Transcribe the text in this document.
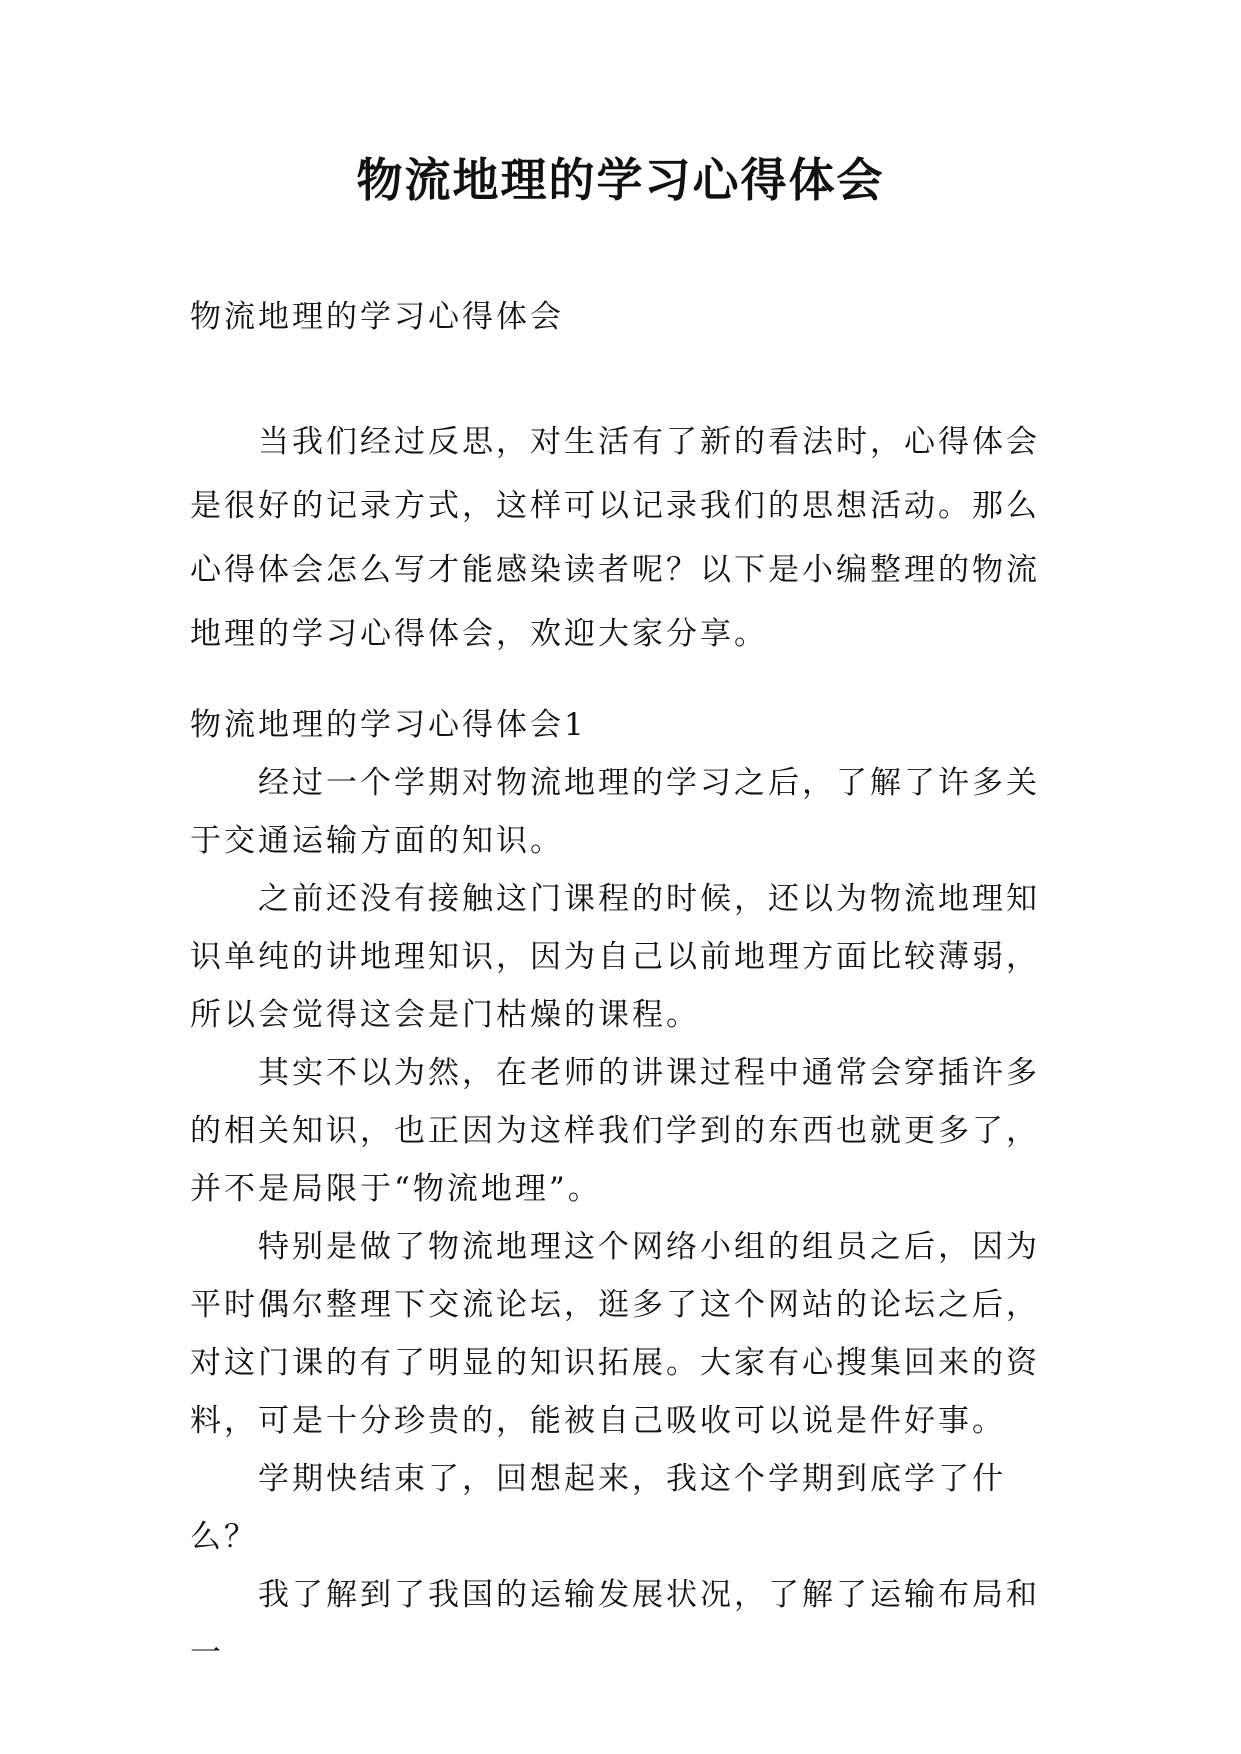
物流地理的学习心得体会

物流地理的学习心得体会

当我们经过反思，对生活有了新的看法时，心得体会是很好的记录方式，这样可以记录我们的思想活动。那么心得体会怎么写才能感染读者呢？以下是小编整理的物流地理的学习心得体会，欢迎大家分享。

物流地理的学习心得体会1

经过一个学期对物流地理的学习之后，了解了许多关于交通运输方面的知识。

之前还没有接触这门课程的时候，还以为物流地理知识单纯的讲地理知识，因为自己以前地理方面比较薄弱，所以会觉得这会是门枯燥的课程。

其实不以为然，在老师的讲课过程中通常会穿插许多的相关知识，也正因为这样我们学到的东西也就更多了，并不是局限于“物流地理”。

特别是做了物流地理这个网络小组的组员之后，因为平时偶尔整理下交流论坛，逛多了这个网站的论坛之后，对这门课的有了明显的知识拓展。大家有心搜集回来的资料，可是十分珍贵的，能被自己吸收可以说是件好事。

学期快结束了，回想起来，我这个学期到底学了什么？

我了解到了我国的运输发展状况，了解了运输布局和一
